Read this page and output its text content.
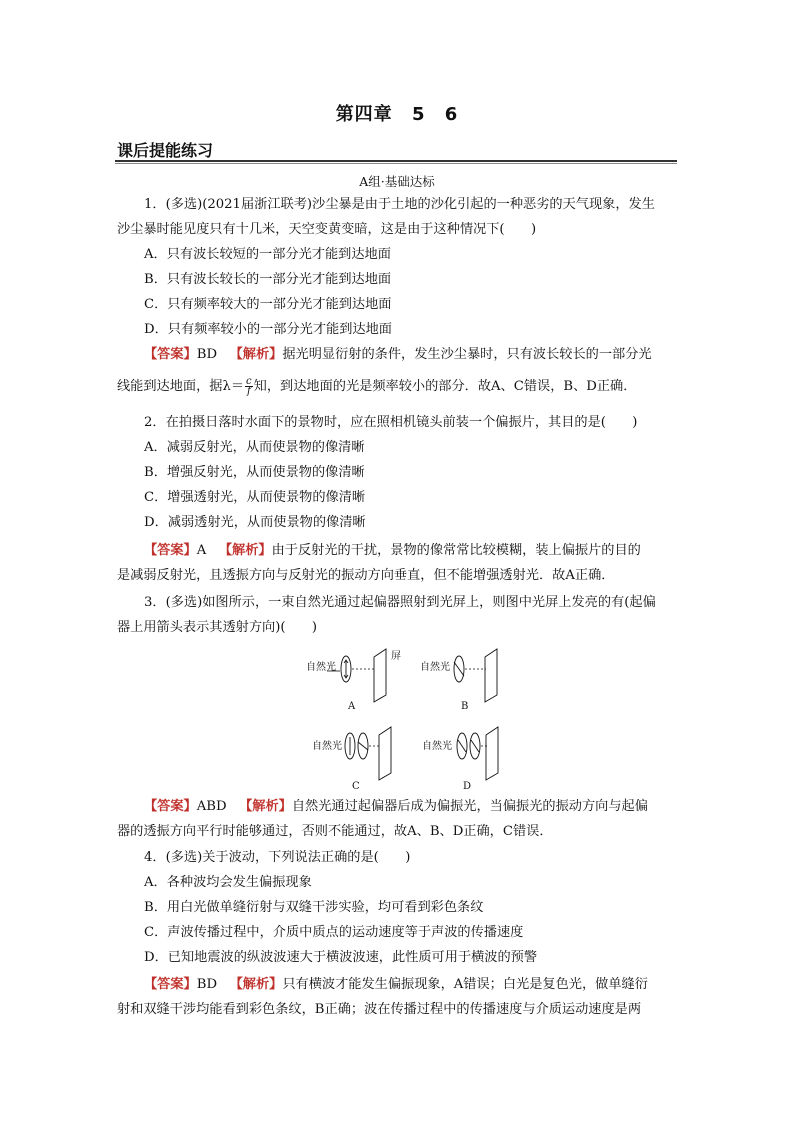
第四章 5 6
课后提能练习
A组·基础达标
1．(多选)(2021届浙江联考)沙尘暴是由于土地的沙化引起的一种恶劣的天气现象，发生
沙尘暴时能见度只有十几米，天空变黄变暗，这是由于这种情况下(　　)
A．只有波长较短的一部分光才能到达地面
B．只有波长较长的一部分光才能到达地面
C．只有频率较大的一部分光才能到达地面
D．只有频率较小的一部分光才能到达地面
【答案】BD 【解析】据光明显衍射的条件，发生沙尘暴时，只有波长较长的一部分光
线能到达地面，据$\lambda= \frac{c}{f}$ 知，到达地面的光是频率较小的部分．故A、C错误，B、D正确．
2．在拍摄日落时水面下的景物时，应在照相机镜头前装一个偏振片，其目的是(　　)
A．减弱反射光，从而使景物的像清晰
B．增强反射光，从而使景物的像清晰
C．增强透射光，从而使景物的像清晰
D．减弱透射光，从而使景物的像清晰
【答案】A 【解析】由于反射光的干扰，景物的像常常比较模糊，装上偏振片的目的
是减弱反射光，且透振方向与反射光的振动方向垂直，但不能增强透射光．故A正确．
3．(多选)如图所示，一束自然光通过起偏器照射到光屏上，则图中光屏上发亮的有(起偏
器上用箭头表示其透射方向)(　　)
自然光
屏
A
自然光
B
自然光
C
自然光
D
【答案】ABD 【解析】自然光通过起偏器后成为偏振光，当偏振光的振动方向与起偏
器的透振方向平行时能够通过，否则不能通过，故A、B、D正确，C错误．
4．(多选)关于波动，下列说法正确的是(　　)
A．各种波均会发生偏振现象
B．用白光做单缝衍射与双缝干涉实验，均可看到彩色条纹
C．声波传播过程中，介质中质点的运动速度等于声波的传播速度
D．已知地震波的纵波波速大于横波波速，此性质可用于横波的预警
【答案】BD 【解析】只有横波才能发生偏振现象，A错误；白光是复色光，做单缝衍
射和双缝干涉均能看到彩色条纹，B正确；波在传播过程中的传播速度与介质运动速度是两
